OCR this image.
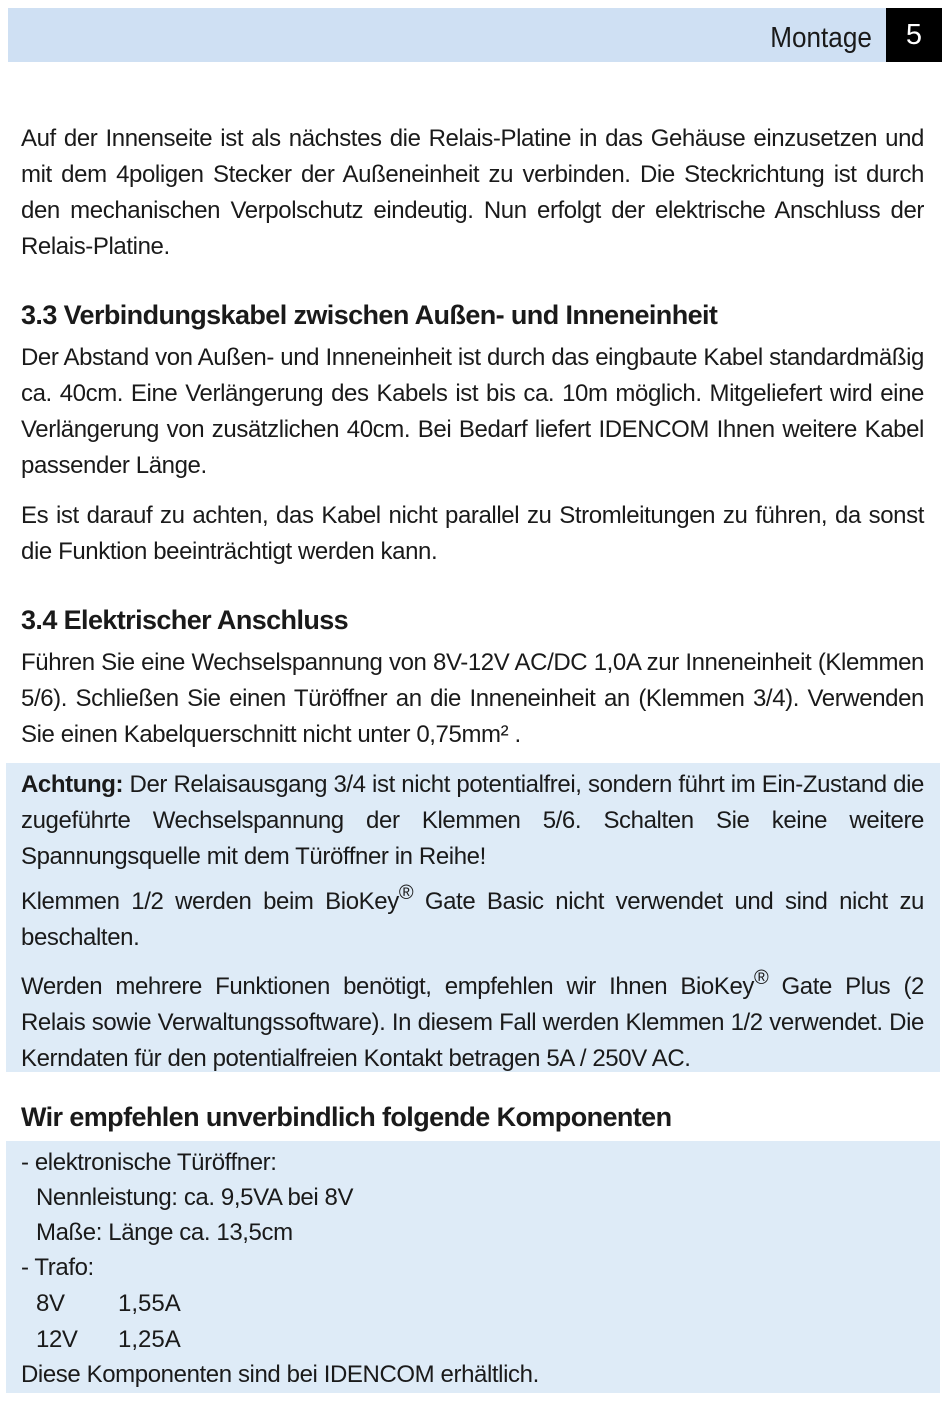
Montage	5

Auf der Innenseite ist als nächstes die Relais-Platine in das Gehäuse einzusetzen und mit dem 4poligen Stecker der Außeneinheit zu verbinden. Die Steckrichtung ist durch den mechanischen Verpolschutz eindeutig. Nun erfolgt der elektrische Anschluss der Relais-Platine.

3.3 Verbindungskabel zwischen Außen- und Inneneinheit

Der Abstand von Außen- und Inneneinheit ist durch das eingbaute Kabel standardmäßig ca. 40cm. Eine Verlängerung des Kabels ist bis ca. 10m möglich. Mitgeliefert wird eine Verlängerung von zusätzlichen 40cm. Bei Bedarf liefert IDENCOM Ihnen weitere Kabel passender Länge.

Es ist darauf zu achten, das Kabel nicht parallel zu Stromleitungen zu führen, da sonst die Funktion beeinträchtigt werden kann.

3.4 Elektrischer Anschluss

Führen Sie eine Wechselspannung von 8V-12V AC/DC 1,0A zur Inneneinheit (Klemmen 5/6). Schließen Sie einen Türöffner an die Inneneinheit an (Klemmen 3/4). Verwenden Sie einen Kabelquerschnitt nicht unter 0,75mm² .

Achtung: Der Relaisausgang 3/4 ist nicht potentialfrei, sondern führt im Ein-Zustand die zugeführte Wechselspannung der Klemmen 5/6. Schalten Sie keine weitere Spannungsquelle mit dem Türöffner in Reihe!

Klemmen 1/2 werden beim BioKey® Gate Basic nicht verwendet und sind nicht zu beschalten.

Werden mehrere Funktionen benötigt, empfehlen wir Ihnen BioKey® Gate Plus (2 Relais sowie Verwaltungssoftware). In diesem Fall werden Klemmen 1/2 verwendet. Die Kerndaten für den potentialfreien Kontakt betragen 5A / 250V AC.

Wir empfehlen unverbindlich folgende Komponenten

- elektronische Türöffner:

Nennleistung: ca. 9,5VA bei 8V

Maße: Länge ca. 13,5cm

- Trafo:

8V 1,55A

12V 1,25A

Diese Komponenten sind bei IDENCOM erhältlich.
